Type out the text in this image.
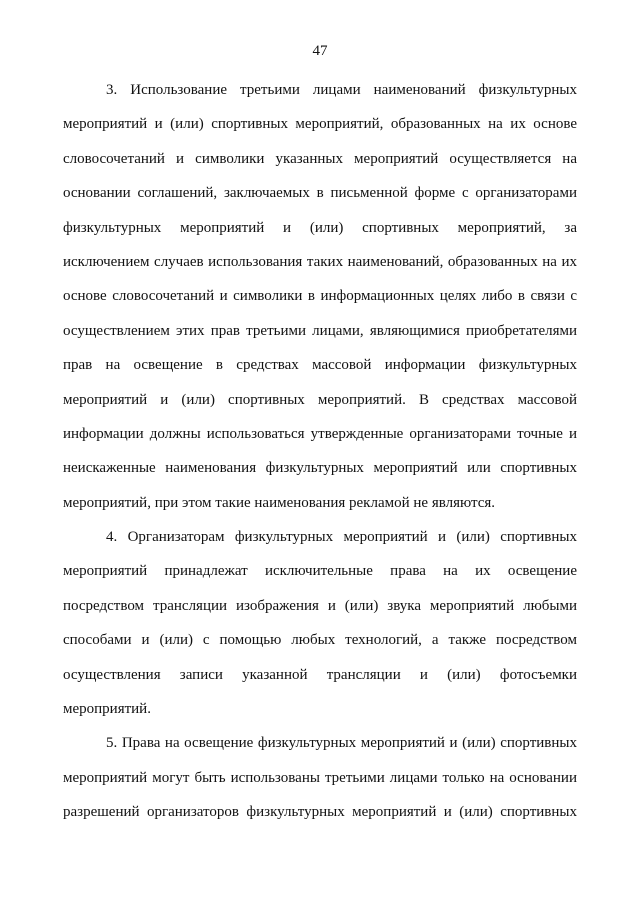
47
3. Использование третьими лицами наименований физкультурных
мероприятий и (или) спортивных мероприятий, образованных на их основе
словосочетаний и символики указанных мероприятий осуществляется на
основании соглашений, заключаемых в письменной форме с организаторами
физкультурных мероприятий и (или) спортивных мероприятий, за
исключением случаев использования таких наименований, образованных на их
основе словосочетаний и символики в информационных целях либо в связи с
осуществлением этих прав третьими лицами, являющимися приобретателями
прав на освещение в средствах массовой информации физкультурных
мероприятий и (или) спортивных мероприятий. В средствах массовой
информации должны использоваться утвержденные организаторами точные и
неискаженные наименования физкультурных мероприятий или спортивных
мероприятий, при этом такие наименования рекламой не являются.
4. Организаторам физкультурных мероприятий и (или) спортивных
мероприятий принадлежат исключительные права на их освещение
посредством трансляции изображения и (или) звука мероприятий любыми
способами и (или) с помощью любых технологий, а также посредством
осуществления записи указанной трансляции и (или) фотосъемки
мероприятий.
5. Права на освещение физкультурных мероприятий и (или) спортивных
мероприятий могут быть использованы третьими лицами только на основании
разрешений организаторов физкультурных мероприятий и (или) спортивных
